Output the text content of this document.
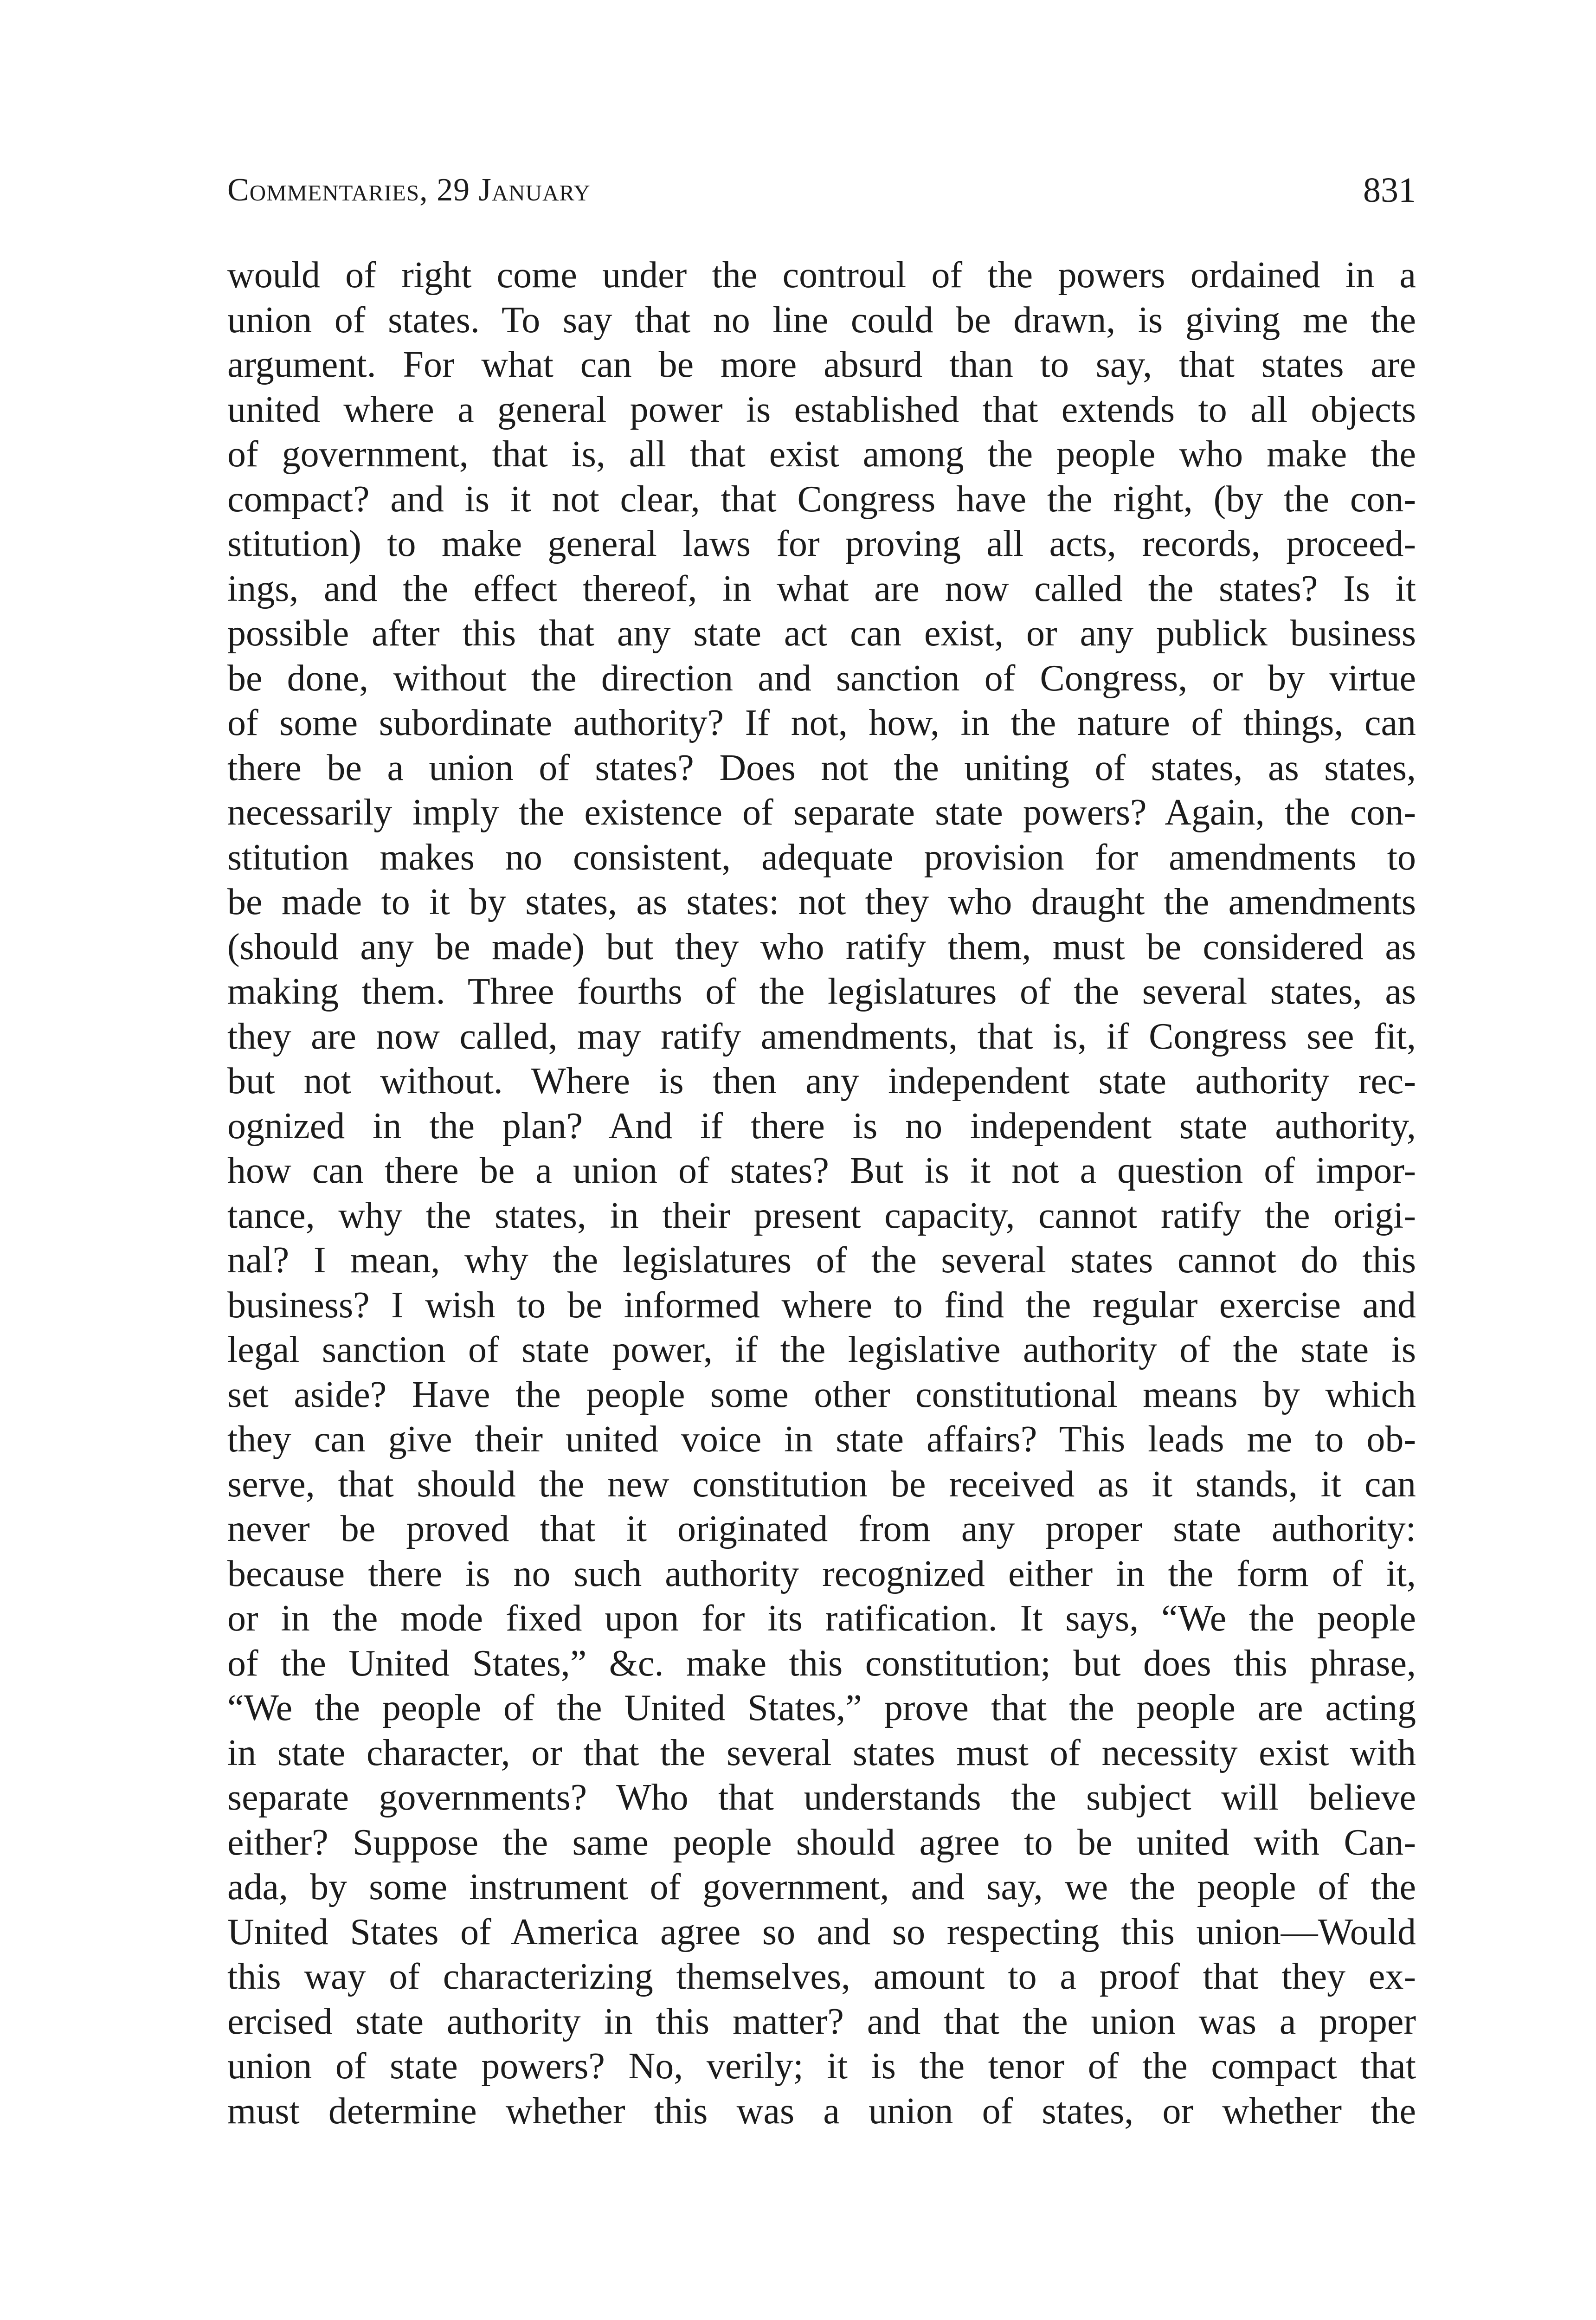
Commentaries, 29 January	831
would of right come under the controul of the powers ordained in a
union of states. To say that no line could be drawn, is giving me the
argument. For what can be more absurd than to say, that states are
united where a general power is established that extends to all objects
of government, that is, all that exist among the people who make the
compact? and is it not clear, that Congress have the right, (by the con-
stitution) to make general laws for proving all acts, records, proceed-
ings, and the effect thereof, in what are now called the states? Is it
possible after this that any state act can exist, or any publick business
be done, without the direction and sanction of Congress, or by virtue
of some subordinate authority? If not, how, in the nature of things, can
there be a union of states? Does not the uniting of states, as states,
necessarily imply the existence of separate state powers? Again, the con-
stitution makes no consistent, adequate provision for amendments to
be made to it by states, as states: not they who draught the amendments
(should any be made) but they who ratify them, must be considered as
making them. Three fourths of the legislatures of the several states, as
they are now called, may ratify amendments, that is, if Congress see fit,
but not without. Where is then any independent state authority rec-
ognized in the plan? And if there is no independent state authority,
how can there be a union of states? But is it not a question of impor-
tance, why the states, in their present capacity, cannot ratify the origi-
nal? I mean, why the legislatures of the several states cannot do this
business? I wish to be informed where to find the regular exercise and
legal sanction of state power, if the legislative authority of the state is
set aside? Have the people some other constitutional means by which
they can give their united voice in state affairs? This leads me to ob-
serve, that should the new constitution be received as it stands, it can
never be proved that it originated from any proper state authority:
because there is no such authority recognized either in the form of it,
or in the mode fixed upon for its ratification. It says, “We the people
of the United States,” &c. make this constitution; but does this phrase,
“We the people of the United States,” prove that the people are acting
in state character, or that the several states must of necessity exist with
separate governments? Who that understands the subject will believe
either? Suppose the same people should agree to be united with Can-
ada, by some instrument of government, and say, we the people of the
United States of America agree so and so respecting this union—Would
this way of characterizing themselves, amount to a proof that they ex-
ercised state authority in this matter? and that the union was a proper
union of state powers? No, verily; it is the tenor of the compact that
must determine whether this was a union of states, or whether the
